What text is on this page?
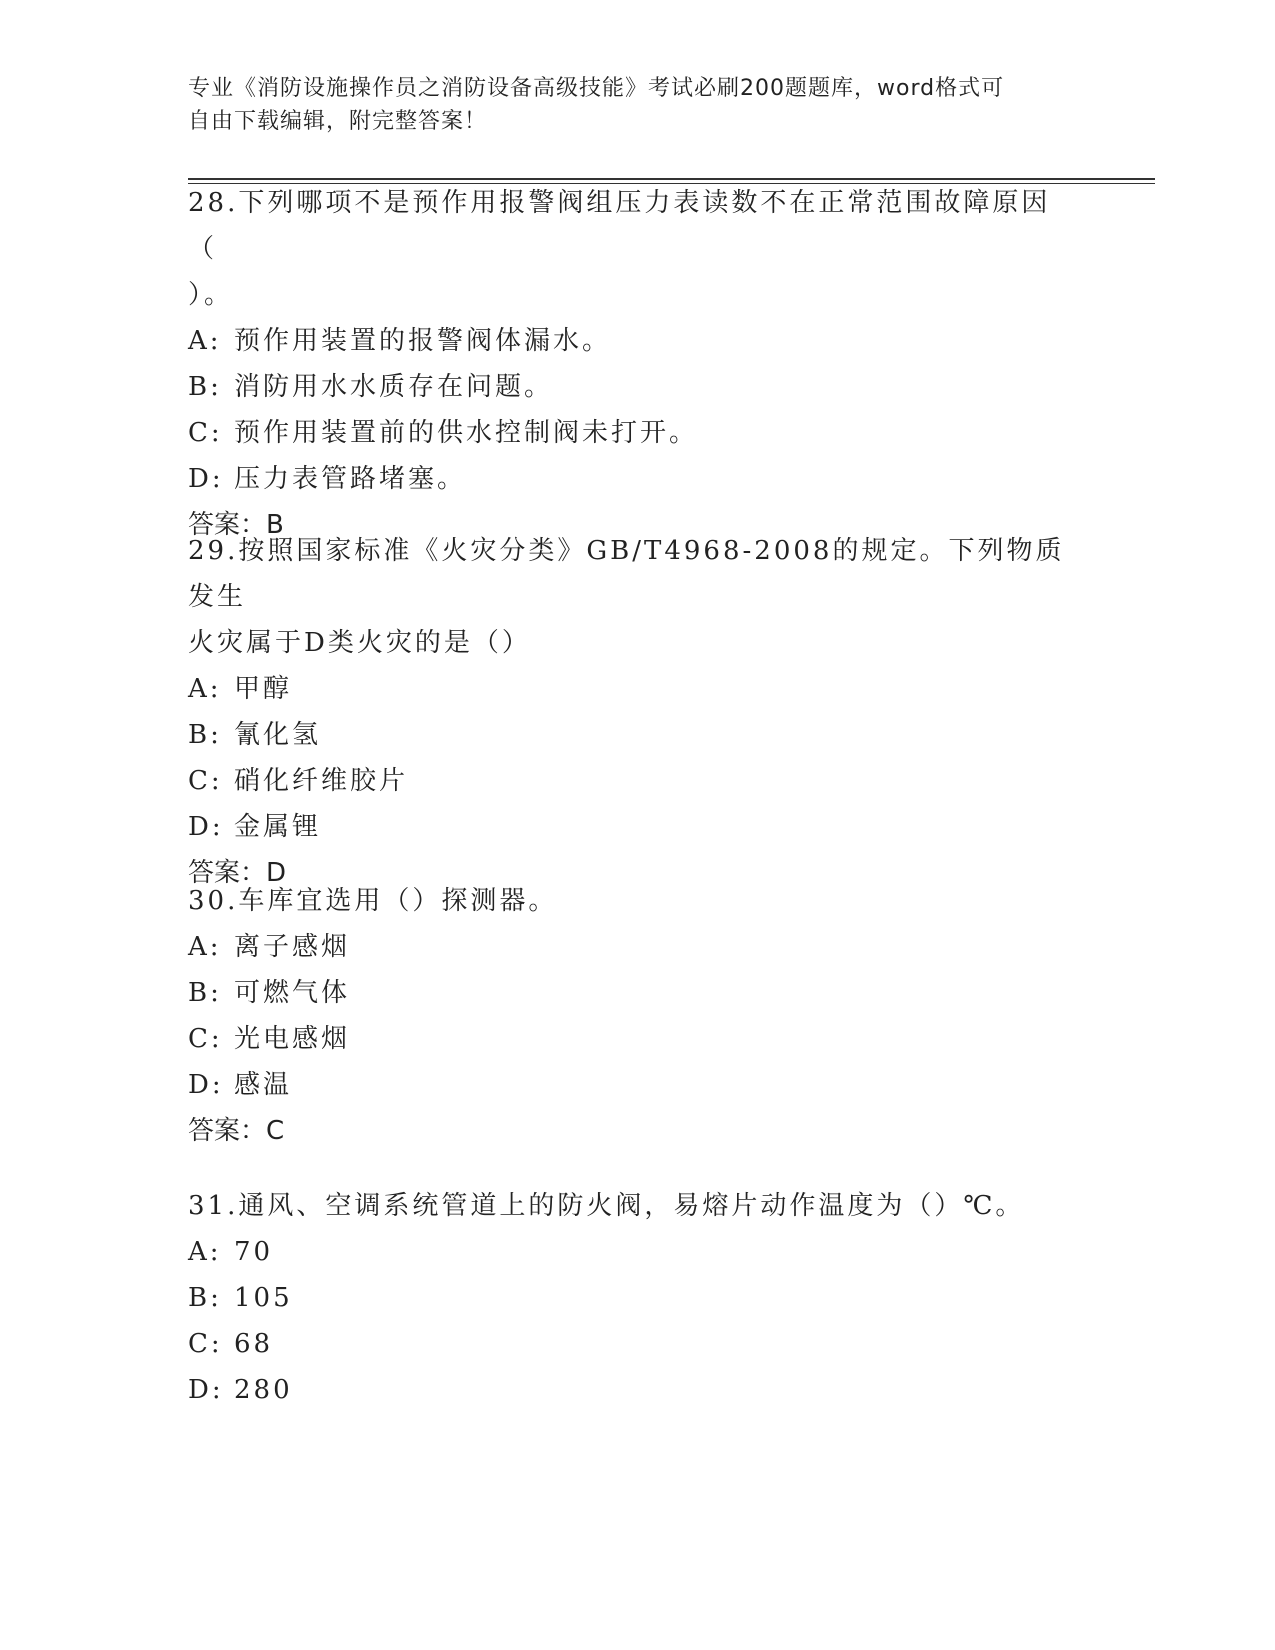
专业《消防设施操作员之消防设备高级技能》考试必刷200题题库，word格式可
自由下载编辑，附完整答案！

28.下列哪项不是预作用报警阀组压力表读数不在正常范围故障原因（

）。

A: 预作用装置的报警阀体漏水。

B: 消防用水水质存在问题。

C: 预作用装置前的供水控制阀未打开。

D: 压力表管路堵塞。

答案：B

29.按照国家标准《火灾分类》GB/T4968-2008的规定。下列物质发生

火灾属于D类火灾的是（）

A: 甲醇

B: 氰化氢

C: 硝化纤维胶片

D: 金属锂

答案：D

30.车库宜选用（）探测器。

A: 离子感烟

B: 可燃气体

C: 光电感烟

D: 感温

答案：C

31.通风、空调系统管道上的防火阀，易熔片动作温度为（）℃。

A: 70

B: 105

C: 68

D: 280
